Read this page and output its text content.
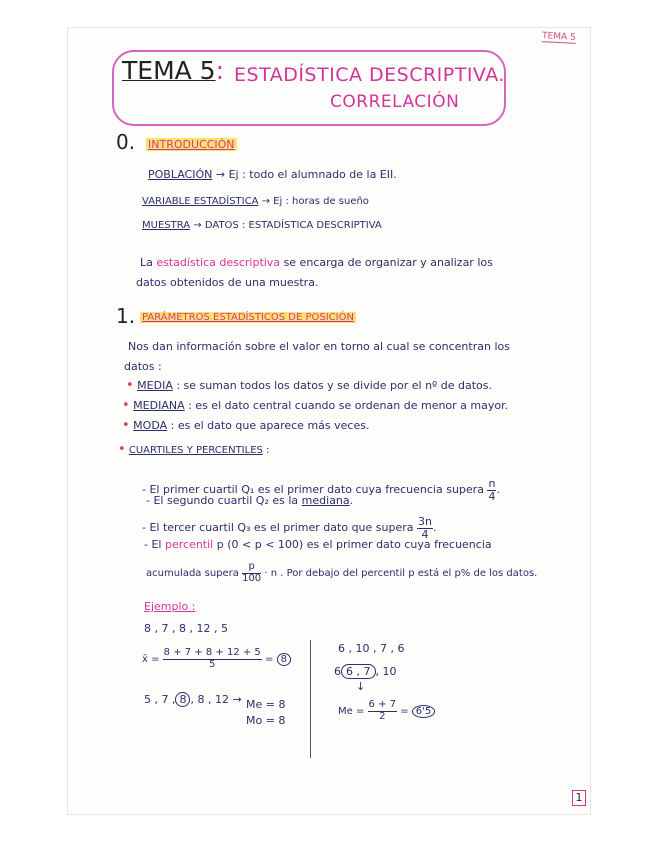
TEMA 5
TEMA 5: ESTADÍSTICA DESCRIPTIVA.
CORRELACIÓN
0. INTRODUCCIÓN
POBLACIÓN → Ej : todo el alumnado de la EII.
VARIABLE ESTADÍSTICA → Ej : horas de sueño
MUESTRA → DATOS : ESTADÍSTICA DESCRIPTIVA
La estadística descriptiva se encarga de organizar y analizar los
datos obtenidos de una muestra.
1. PARÁMETROS ESTADÍSTICOS DE POSICIÓN
Nos dan información sobre el valor en torno al cual se concentran los
datos :
• MEDIA : se suman todos los datos y se divide por el nº de datos.
• MEDIANA : es el dato central cuando se ordenan de menor a mayor.
• MODA : es el dato que aparece más veces.
• CUARTILES Y PERCENTILES :
- El primer cuartil Q₁ es el primer dato cuya frecuencia supera $\frac{n}{4}$ .
- El segundo cuartil Q₂ es la mediana.
- El tercer cuartil Q₃ es el primer dato que supera $\frac{3n}{4}$ .
- El percentil p (0 < p < 100) es el primer dato cuya frecuencia
acumulada supera $\frac{p}{100} \cdot n$ . Por debajo del percentil p está el p% de los datos.
Ejemplo :
8 , 7 , 8 , 12 , 5
x̄ = $\frac{8 + 7 + 8 + 12 + 5}{5} = 8$
5 , 7 , 8 , 8 , 12 → Me = 8
Mo = 8
6 , 10 , 7 , 6
6 6 , 7 , 10
↓
$Me = \frac{6 + 7}{2} = 6'5$
1
